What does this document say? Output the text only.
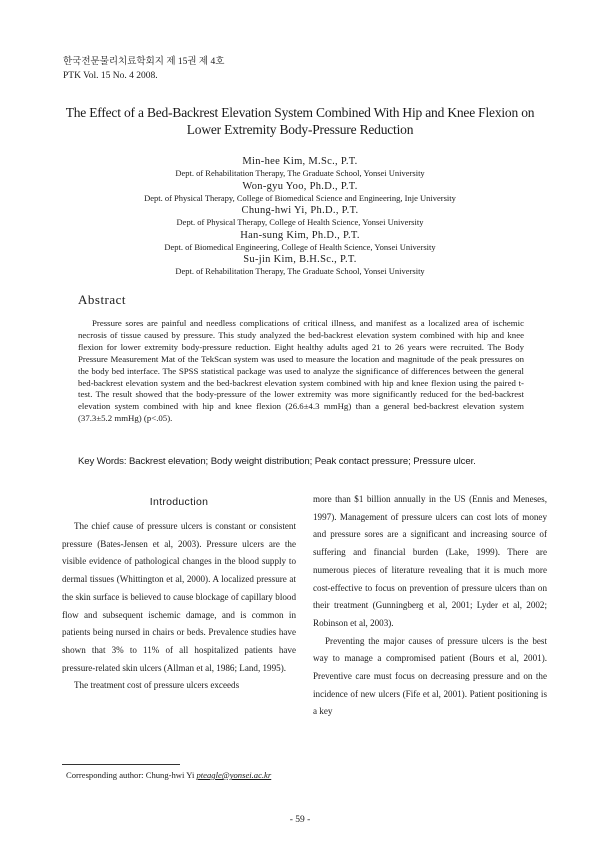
한국전문물리치료학회지 제 15권 제 4호
PTK Vol. 15 No. 4 2008.
The Effect of a Bed-Backrest Elevation System Combined With Hip and Knee Flexion on
Lower Extremity Body-Pressure Reduction
Min-hee Kim, M.Sc., P.T.
Dept. of Rehabilitation Therapy, The Graduate School, Yonsei University
Won-gyu Yoo, Ph.D., P.T.
Dept. of Physical Therapy, College of Biomedical Science and Engineering, Inje University
Chung-hwi Yi, Ph.D., P.T.
Dept. of Physical Therapy, College of Health Science, Yonsei University
Han-sung Kim, Ph.D., P.T.
Dept. of Biomedical Engineering, College of Health Science, Yonsei University
Su-jin Kim, B.H.Sc., P.T.
Dept. of Rehabilitation Therapy, The Graduate School, Yonsei University
Abstract

Pressure sores are painful and needless complications of critical illness, and manifest as a localized area of ischemic necrosis of tissue caused by pressure. This study analyzed the bed-backrest elevation system combined with hip and knee flexion for lower extremity body-pressure reduction. Eight healthy adults aged 21 to 26 years were recruited. The Body Pressure Measurement Mat of the TekScan system was used to measure the location and magnitude of the peak pressures on the body bed interface. The SPSS statistical package was used to analyze the significance of differences between the general bed-backrest elevation system and the bed-backrest elevation system combined with hip and knee flexion using the paired t-test. The result showed that the body-pressure of the lower extremity was more significantly reduced for the bed-backrest elevation system combined with hip and knee flexion (26.6±4.3 mmHg) than a general bed-backrest elevation system (37.3±5.2 mmHg) (p<.05).

Key Words: Backrest elevation; Body weight distribution; Peak contact pressure; Pressure ulcer.
Introduction

The chief cause of pressure ulcers is constant or consistent pressure (Bates-Jensen et al, 2003). Pressure ulcers are the visible evidence of pathological changes in the blood supply to dermal tissues (Whittington et al, 2000). A localized pressure at the skin surface is believed to cause blockage of capillary blood flow and subsequent ischemic damage, and is common in patients being nursed in chairs or beds. Prevalence studies have shown that 3% to 11% of all hospitalized patients have pressure-related skin ulcers (Allman et al, 1986; Land, 1995).

The treatment cost of pressure ulcers exceeds

more than $1 billion annually in the US (Ennis and Meneses, 1997). Management of pressure ulcers can cost lots of money and pressure sores are a significant and increasing source of suffering and financial burden (Lake, 1999). There are numerous pieces of literature revealing that it is much more cost-effective to focus on prevention of pressure ulcers than on their treatment (Gunningberg et al, 2001; Lyder et al, 2002; Robinson et al, 2003).

Preventing the major causes of pressure ulcers is the best way to manage a compromised patient (Bours et al, 2001). Preventive care must focus on decreasing pressure and on the incidence of new ulcers (Fife et al, 2001). Patient positioning is a key

Corresponding author: Chung-hwi Yi pteagle@yonsei.ac.kr
- 59 -
